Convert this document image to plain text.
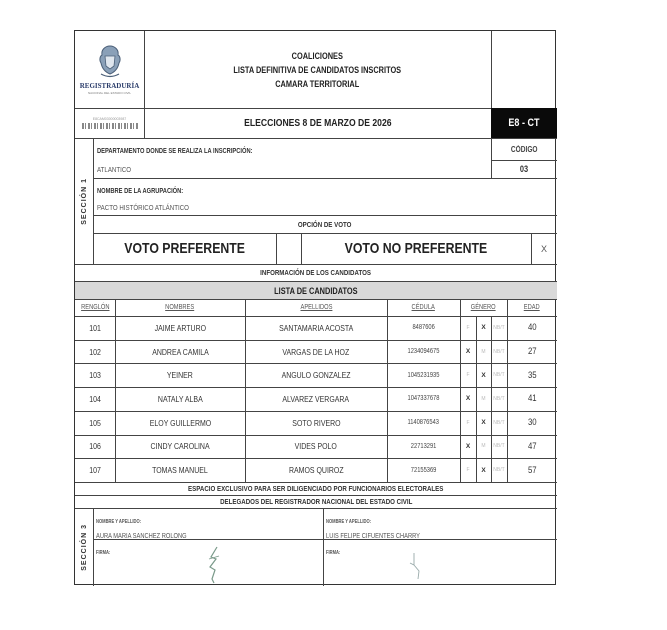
REGISTRADURÍA
NACIONAL DEL ESTADO CIVIL
COALICIONES
LISTA DEFINITIVA DE CANDIDATOS INSCRITOS
CAMARA TERRITORIAL
E8CAM03000003987	ELECCIONES 8 DE MARZO DE 2026	E8 - CT
SECCIÓN 1
DEPARTAMENTO DONDE SE REALIZA LA INSCRIPCIÓN:
ATLANTICO
CÓDIGO
03
NOMBRE DE LA AGRUPACIÓN:
PACTO HISTÓRICO ATLÁNTICO
OPCIÓN DE VOTO
VOTO PREFERENTE	VOTO NO PREFERENTE	X
INFORMACIÓN DE LOS CANDIDATOS
LISTA DE CANDIDATOS
ESPACIO EXCLUSIVO PARA SER DILIGENCIADO POR FUNCIONARIOS ELECTORALES
DELEGADOS DEL REGISTRADOR NACIONAL DEL ESTADO CIVIL
SECCIÓN 3
NOMBRE Y APELLIDO:
AURA MARIA SANCHEZ ROLONG
FIRMA:
NOMBRE Y APELLIDO:
LUIS FELIPE CIFUENTES CHARRY
FIRMA:
RENGLÓN	NOMBRES	APELLIDOS	CÉDULA	GÉNERO	EDAD
101	JAIME ARTURO	SANTAMARIA ACOSTA	8487606	F X NB/T 40
102	ANDREA CAMILA	VARGAS DE LA HOZ	1234094675	X M NB/T 27
103	YEINER	ANGULO GONZALEZ	1045231935	F X NB/T 35
104	NATALY ALBA	ALVAREZ VERGARA	1047337678	X M NB/T 41
105	ELOY GUILLERMO	SOTO RIVERO	1140876543	F X NB/T 30
106	CINDY CAROLINA	VIDES POLO	22713291	X M NB/T 47
107	TOMAS MANUEL	RAMOS QUIROZ	72155369	F X NB/T 57
